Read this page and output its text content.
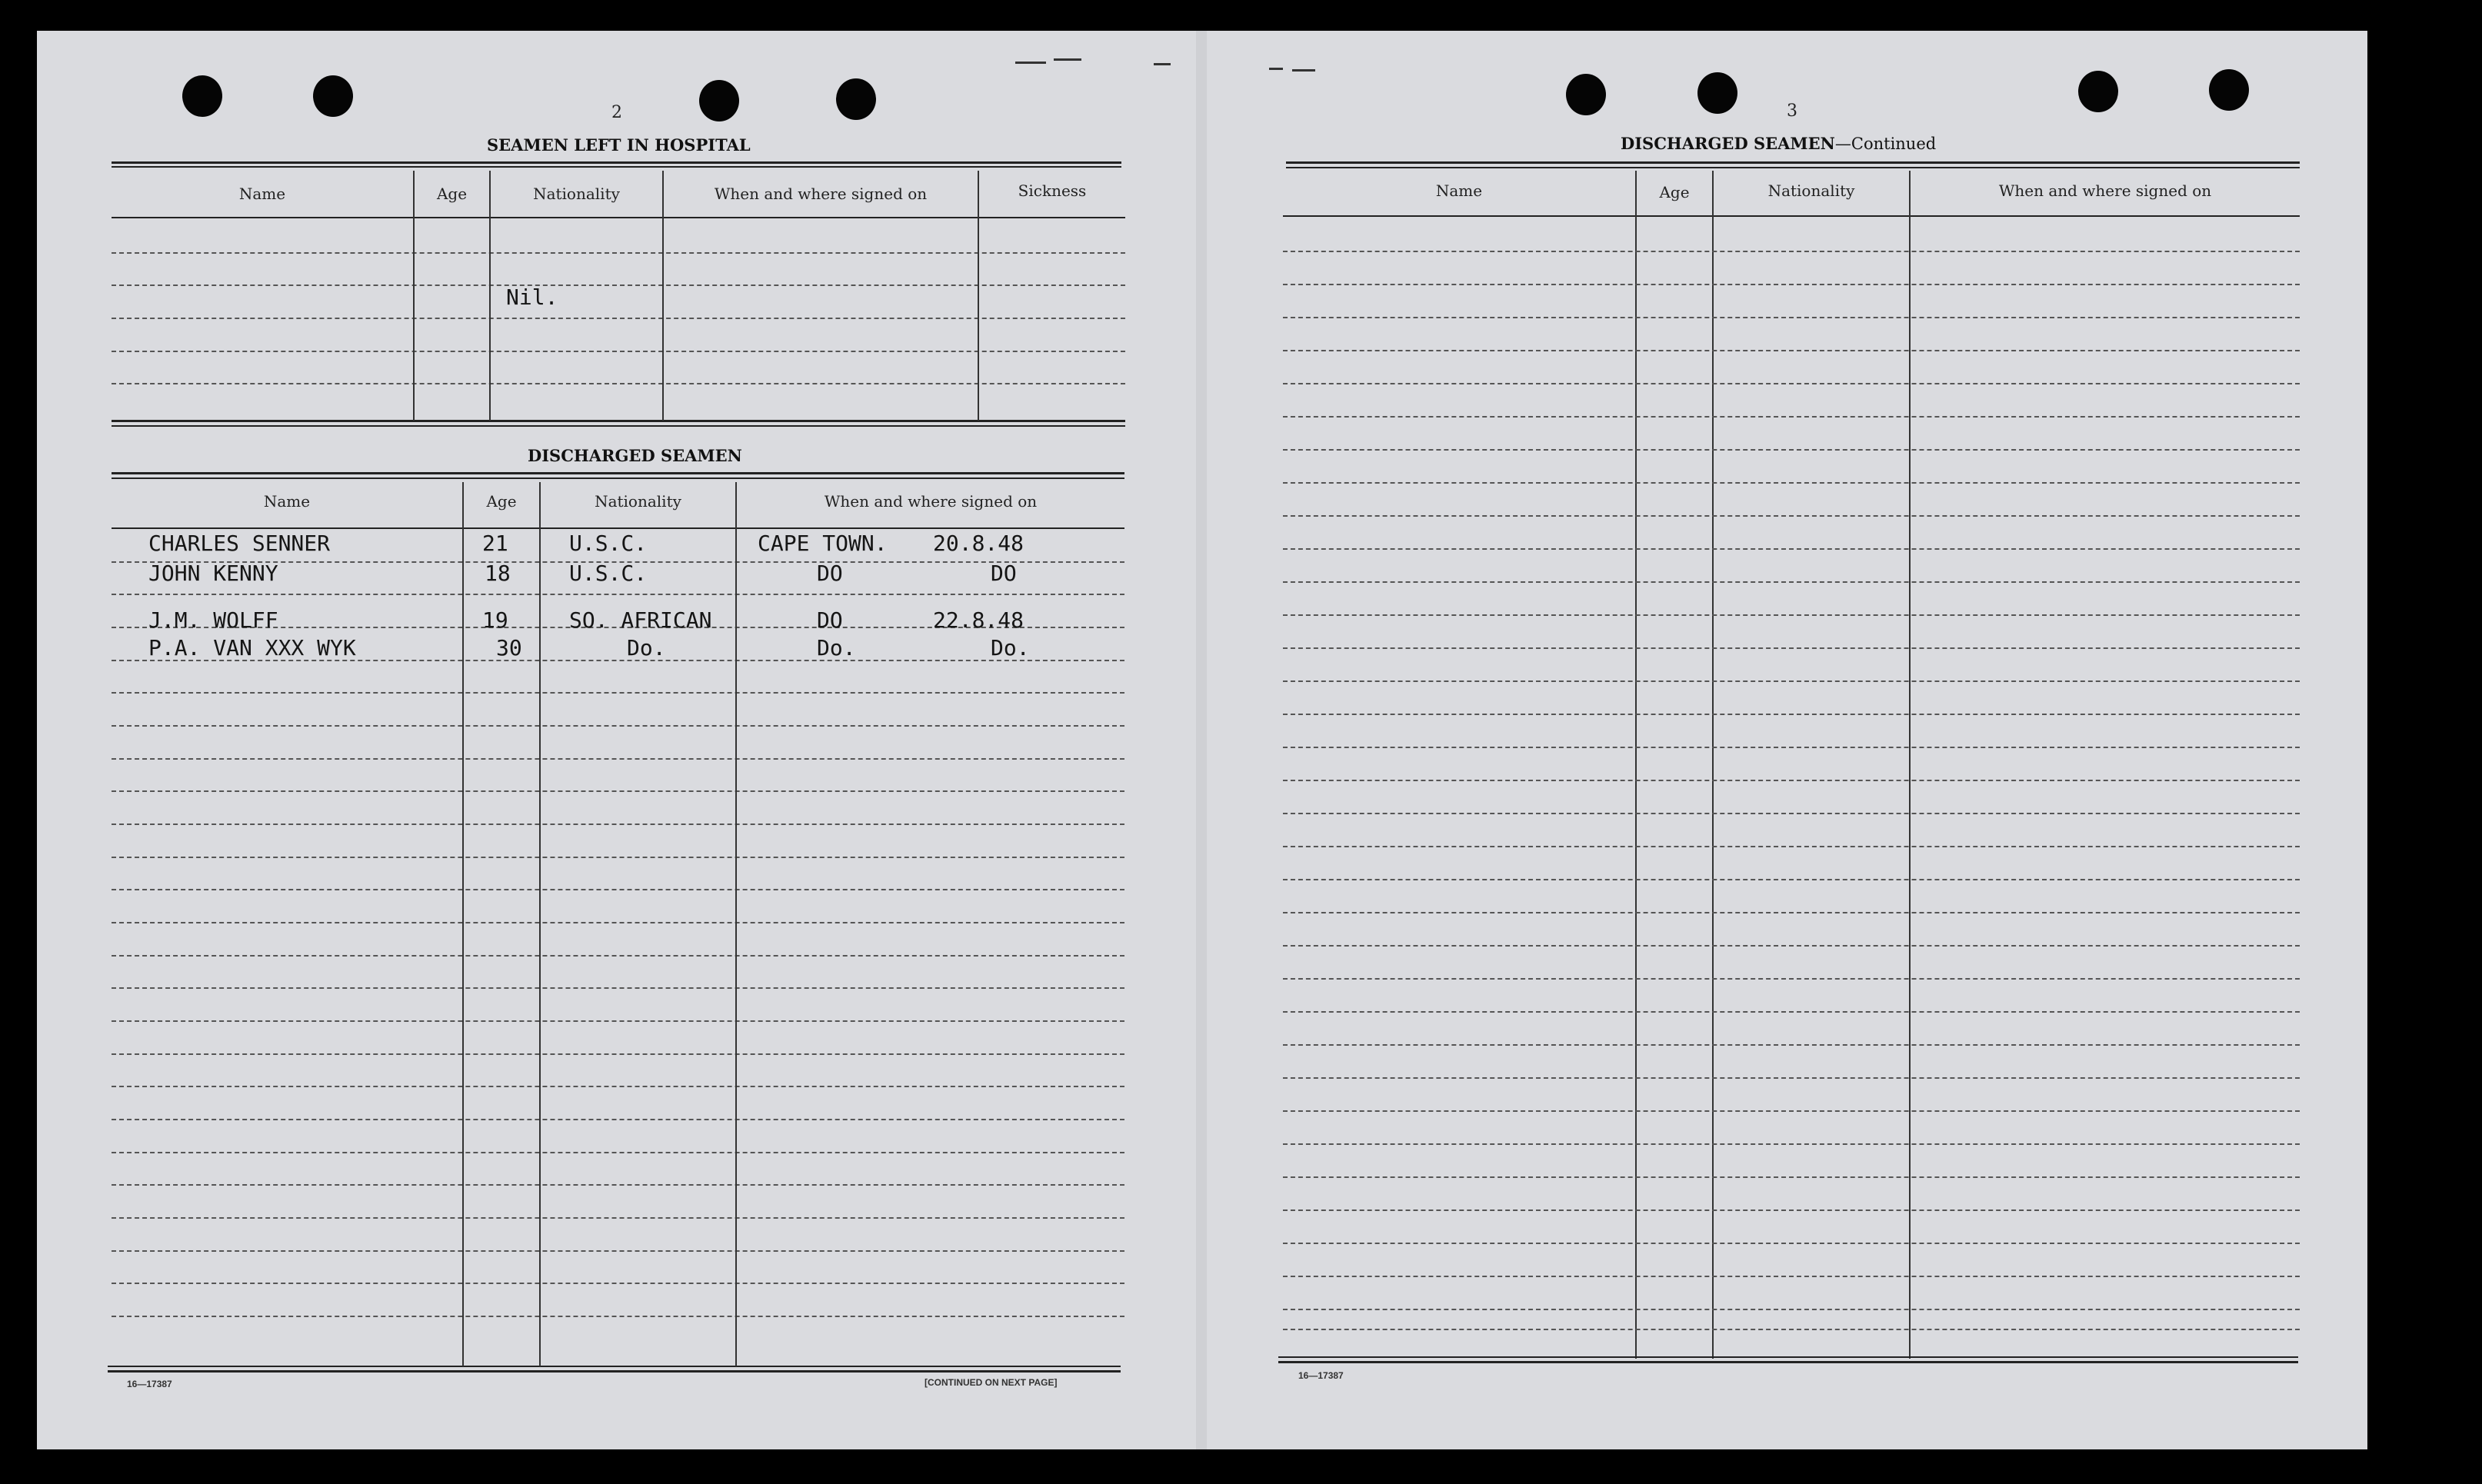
2
SEAMEN LEFT IN HOSPITAL
Name	Age	Nationality	When and where signed on	Sickness
Nil.
DISCHARGED SEAMEN
Name	Age	Nationality	When and where signed on
CHARLES SENNER	21	U.S.C.	CAPE TOWN. 20.8.48
JOHN KENNY	18	U.S.C.	DO	DO
J.M. WOLFF	19	SO. AFRICAN	DO	22.8.48
P.A. VAN XXX WYK	30	Do.	Do.	Do.
16—17387	[CONTINUED ON NEXT PAGE]
3
DISCHARGED SEAMEN—Continued
Name	Age	Nationality	When and where signed on
16—17387
